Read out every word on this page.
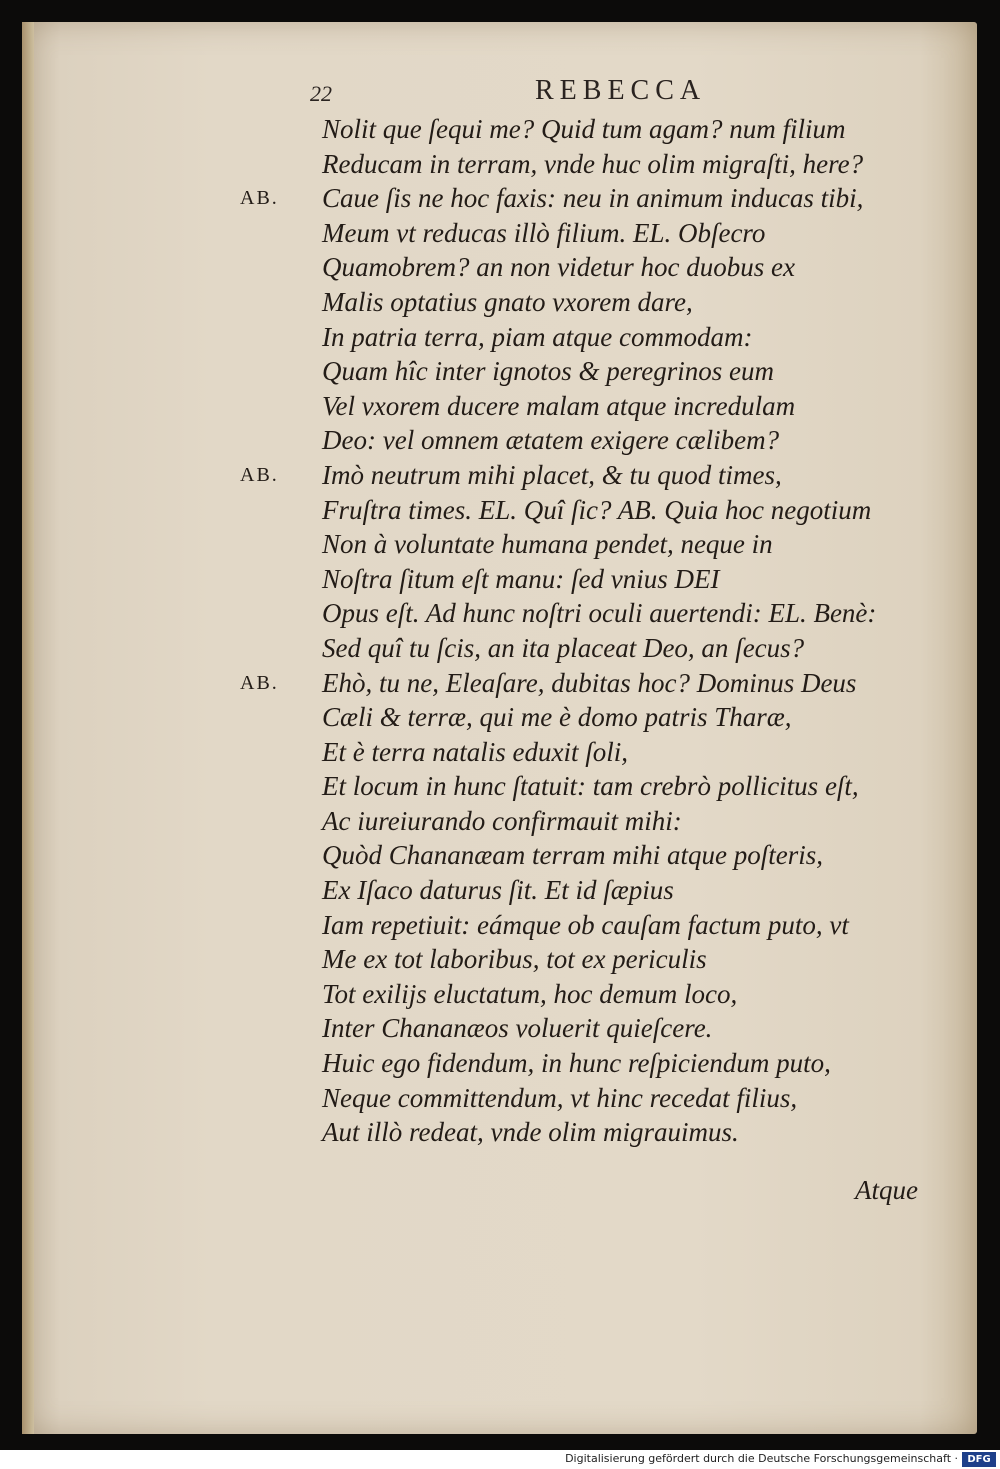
22	REBECCA
Nolit que ſequi me? Quid tum agam? num filium
Reducam in terram, vnde huc olim migraſti, here?
AB.	Caue ſis ne hoc faxis: neu in animum inducas tibi,
Meum vt reducas illò filium. EL. Obſecro
Quamobrem? an non videtur hoc duobus ex
Malis optatius gnato vxorem dare,
In patria terra, piam atque commodam:
Quam hîc inter ignotos & peregrinos eum
Vel vxorem ducere malam atque incredulam
Deo: vel omnem ætatem exigere cælibem?
AB.	Imò neutrum mihi placet, & tu quod times,
Fruſtra times. EL. Quî ſic? AB. Quia hoc negotium
Non à voluntate humana pendet, neque in
Noſtra ſitum eſt manu: ſed vnius DEI
Opus eſt. Ad hunc noſtri oculi auertendi: EL. Benè:
Sed quî tu ſcis, an ita placeat Deo, an ſecus?
AB.	Ehò, tu ne, Eleaſare, dubitas hoc? Dominus Deus
Cæli & terræ, qui me è domo patris Tharæ,
Et è terra natalis eduxit ſoli,
Et locum in hunc ſtatuit: tam crebrò pollicitus eſt,
Ac iureiurando confirmauit mihi:
Quòd Chananæam terram mihi atque poſteris,
Ex Iſaco daturus ſit. Et id ſæpius
Iam repetiuit: eámque ob cauſam factum puto, vt
Me ex tot laboribus, tot ex periculis
Tot exilijs eluctatum, hoc demum loco,
Inter Chananæos voluerit quieſcere.
Huic ego fidendum, in hunc reſpiciendum puto,
Neque committendum, vt hinc recedat filius,
Aut illò redeat, vnde olim migrauimus.
Atque
Digitalisierung gefördert durch die Deutsche Forschungsgemeinschaft · DFG
